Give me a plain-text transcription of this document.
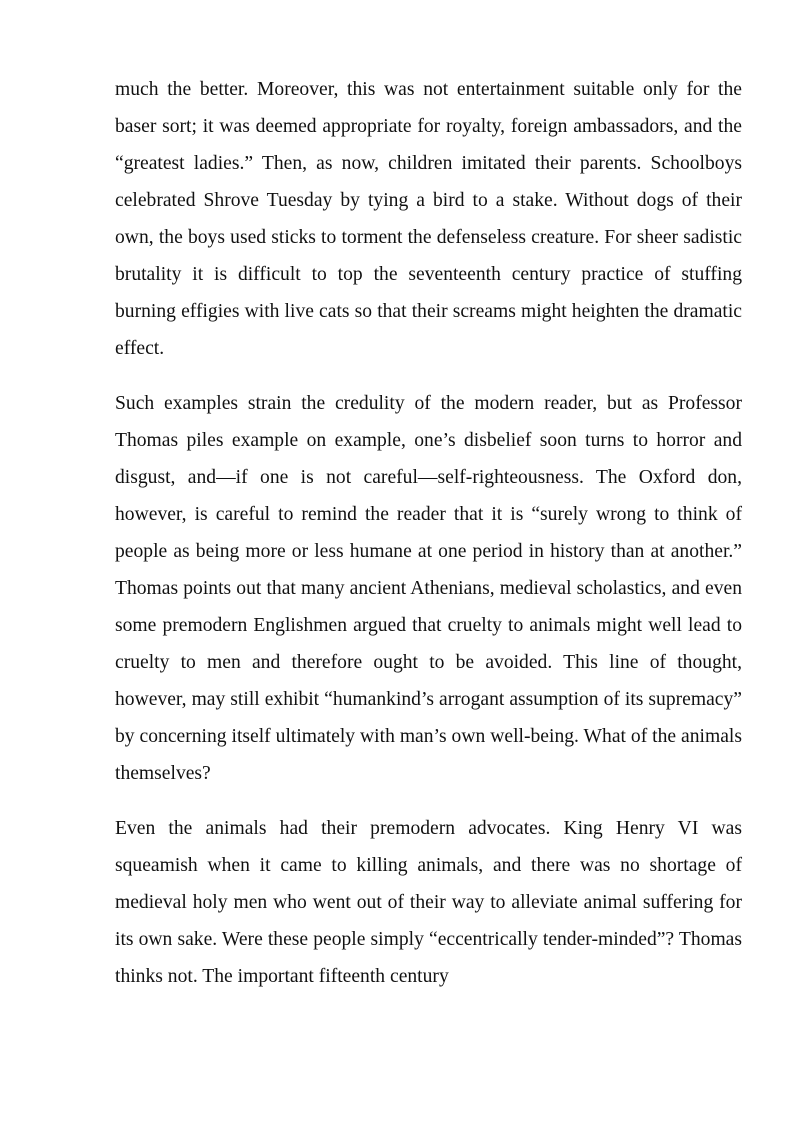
much the better. Moreover, this was not entertainment suitable only for the baser sort; it was deemed appropriate for royalty, foreign ambassadors, and the “greatest ladies.” Then, as now, children imitated their parents. Schoolboys celebrated Shrove Tuesday by tying a bird to a stake. Without dogs of their own, the boys used sticks to torment the defenseless creature. For sheer sadistic brutality it is difficult to top the seventeenth century practice of stuffing burning effigies with live cats so that their screams might heighten the dramatic effect.

Such examples strain the credulity of the modern reader, but as Professor Thomas piles example on example, one’s disbelief soon turns to horror and disgust, and—if one is not careful—self-righteousness. The Oxford don, however, is careful to remind the reader that it is “surely wrong to think of people as being more or less humane at one period in history than at another.” Thomas points out that many ancient Athenians, medieval scholastics, and even some premodern Englishmen argued that cruelty to animals might well lead to cruelty to men and therefore ought to be avoided. This line of thought, however, may still exhibit “humankind’s arrogant assumption of its supremacy” by concerning itself ultimately with man’s own well-being. What of the animals themselves?

Even the animals had their premodern advocates. King Henry VI was squeamish when it came to killing animals, and there was no shortage of medieval holy men who went out of their way to alleviate animal suffering for its own sake. Were these people simply “eccentrically tender-minded”? Thomas thinks not. The important fifteenth century
